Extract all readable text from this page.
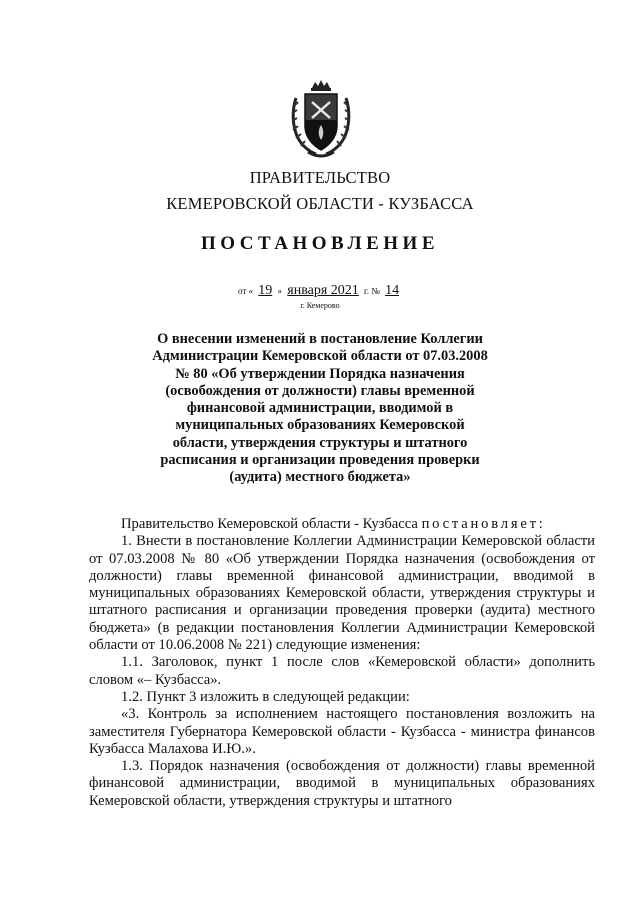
ПРАВИТЕЛЬСТВО
КЕМЕРОВСКОЙ ОБЛАСТИ - КУЗБАССА
ПОСТАНОВЛЕНИЕ
от « 19 » января 2021 г. № 14
г. Кемерово
О внесении изменений в постановление Коллегии Администрации Кемеровской области от 07.03.2008 № 80 «Об утверждении Порядка назначения (освобождения от должности) главы временной финансовой администрации, вводимой в муниципальных образованиях Кемеровской области, утверждения структуры и штатного расписания и организации проведения проверки (аудита) местного бюджета»

Правительство Кемеровской области - Кузбасса постановляет:

1. Внести в постановление Коллегии Администрации Кемеровской области от 07.03.2008 № 80 «Об утверждении Порядка назначения (освобождения от должности) главы временной финансовой администрации, вводимой в муниципальных образованиях Кемеровской области, утверждения структуры и штатного расписания и организации проведения проверки (аудита) местного бюджета» (в редакции постановления Коллегии Администрации Кемеровской области от 10.06.2008 № 221) следующие изменения:

1.1. Заголовок, пункт 1 после слов «Кемеровской области» дополнить словом «– Кузбасса».

1.2. Пункт 3 изложить в следующей редакции:

«3. Контроль за исполнением настоящего постановления возложить на заместителя Губернатора Кемеровской области - Кузбасса - министра финансов Кузбасса Малахова И.Ю.».

1.3. Порядок назначения (освобождения от должности) главы временной финансовой администрации, вводимой в муниципальных образованиях Кемеровской области, утверждения структуры и штатного
